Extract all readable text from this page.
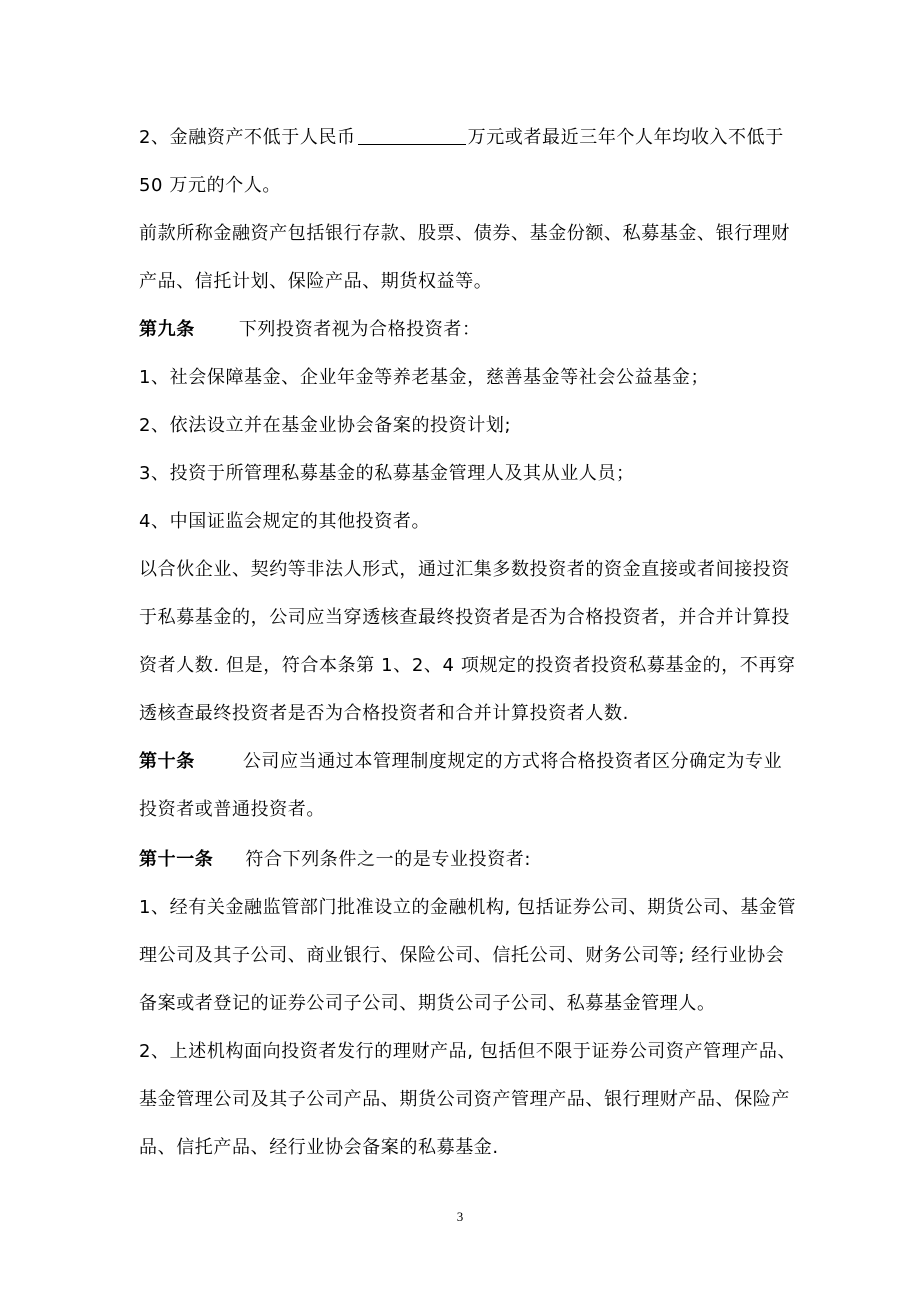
2、金融资产不低于人民币	万元或者最近三年个人年均收入不低于
50 万元的个人。
前款所称金融资产包括银行存款、股票、债券、基金份额、私募基金、银行理财
产品、信托计划、保险产品、期货权益等。
第九条 下列投资者视为合格投资者：
1、社会保障基金、企业年金等养老基金，慈善基金等社会公益基金；
2、依法设立并在基金业协会备案的投资计划;
3、投资于所管理私募基金的私募基金管理人及其从业人员；
4、中国证监会规定的其他投资者。
以合伙企业、契约等非法人形式，通过汇集多数投资者的资金直接或者间接投资
于私募基金的，公司应当穿透核查最终投资者是否为合格投资者，并合并计算投
资者人数. 但是，符合本条第 1、2、4 项规定的投资者投资私募基金的，不再穿
透核查最终投资者是否为合格投资者和合并计算投资者人数.
第十条	公司应当通过本管理制度规定的方式将合格投资者区分确定为专业
投资者或普通投资者。
第十一条 符合下列条件之一的是专业投资者:
1、经有关金融监管部门批准设立的金融机构, 包括证券公司、期货公司、基金管
理公司及其子公司、商业银行、保险公司、信托公司、财务公司等; 经行业协会
备案或者登记的证券公司子公司、期货公司子公司、私募基金管理人。
2、上述机构面向投资者发行的理财产品, 包括但不限于证券公司资产管理产品、
基金管理公司及其子公司产品、期货公司资产管理产品、银行理财产品、保险产
品、信托产品、经行业协会备案的私募基金.
3
